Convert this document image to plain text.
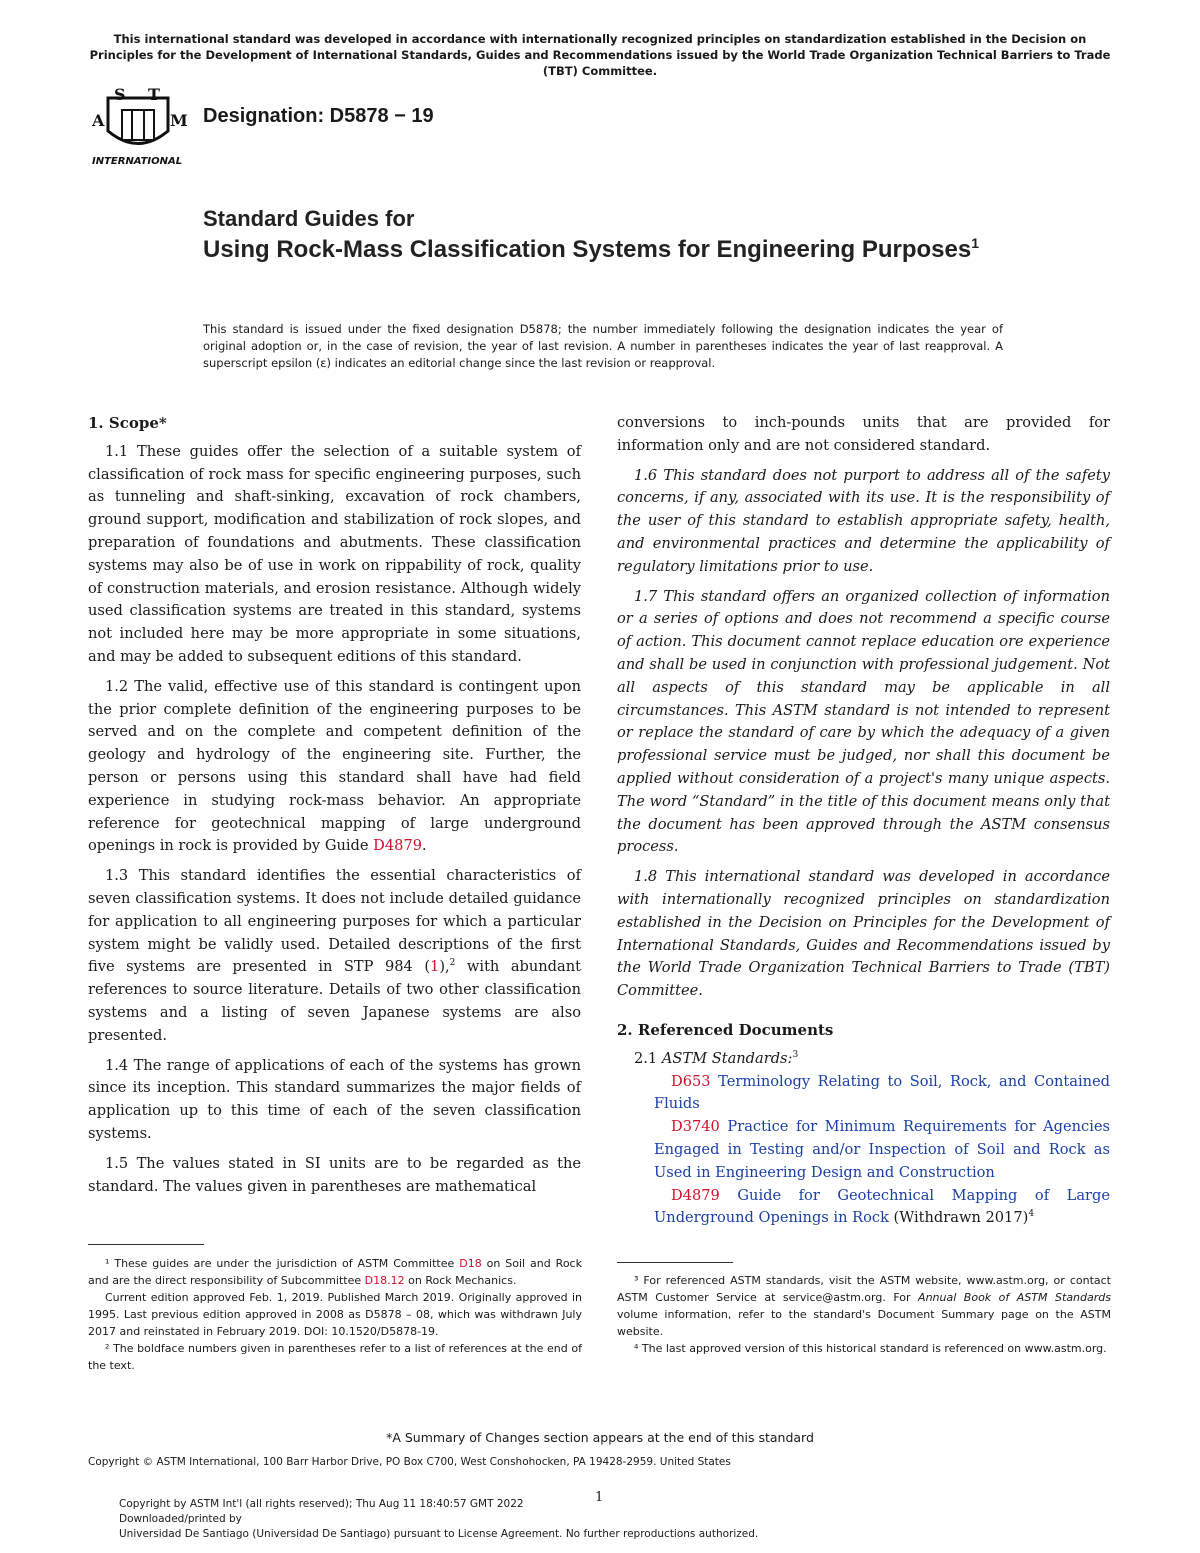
This international standard was developed in accordance with internationally recognized principles on standardization established in the Decision on Principles for the Development of International Standards, Guides and Recommendations issued by the World Trade Organization Technical Barriers to Trade (TBT) Committee.
A
S T
M
INTERNATIONAL
Designation: D5878 − 19
Standard Guides for
Using Rock-Mass Classification Systems for Engineering Purposes$^1$
This standard is issued under the fixed designation D5878; the number immediately following the designation indicates the year of original adoption or, in the case of revision, the year of last revision. A number in parentheses indicates the year of last reapproval. A superscript epsilon (ε) indicates an editorial change since the last revision or reapproval.
1. Scope*

1.1 These guides offer the selection of a suitable system of classification of rock mass for specific engineering purposes, such as tunneling and shaft-sinking, excavation of rock chambers, ground support, modification and stabilization of rock slopes, and preparation of foundations and abutments. These classification systems may also be of use in work on rippability of rock, quality of construction materials, and erosion resistance. Although widely used classification systems are treated in this standard, systems not included here may be more appropriate in some situations, and may be added to subsequent editions of this standard.

1.2 The valid, effective use of this standard is contingent upon the prior complete definition of the engineering purposes to be served and on the complete and competent definition of the geology and hydrology of the engineering site. Further, the person or persons using this standard shall have had field experience in studying rock-mass behavior. An appropriate reference for geotechnical mapping of large underground openings in rock is provided by Guide D4879.

1.3 This standard identifies the essential characteristics of seven classification systems. It does not include detailed guidance for application to all engineering purposes for which a particular system might be validly used. Detailed descriptions of the first five systems are presented in STP 984 (1),$^2$ with abundant references to source literature. Details of two other classification systems and a listing of seven Japanese systems are also presented.

1.4 The range of applications of each of the systems has grown since its inception. This standard summarizes the major fields of application up to this time of each of the seven classification systems.

1.5 The values stated in SI units are to be regarded as the standard. The values given in parentheses are mathematical

conversions to inch-pounds units that are provided for information only and are not considered standard.

1.6 This standard does not purport to address all of the safety concerns, if any, associated with its use. It is the responsibility of the user of this standard to establish appropriate safety, health, and environmental practices and determine the applicability of regulatory limitations prior to use.

1.7 This standard offers an organized collection of information or a series of options and does not recommend a specific course of action. This document cannot replace education ore experience and shall be used in conjunction with professional judgement. Not all aspects of this standard may be applicable in all circumstances. This ASTM standard is not intended to represent or replace the standard of care by which the adequacy of a given professional service must be judged, nor shall this document be applied without consideration of a project's many unique aspects. The word “Standard” in the title of this document means only that the document has been approved through the ASTM consensus process.

1.8 This international standard was developed in accordance with internationally recognized principles on standardization established in the Decision on Principles for the Development of International Standards, Guides and Recommendations issued by the World Trade Organization Technical Barriers to Trade (TBT) Committee.

2. Referenced Documents

2.1 ASTM Standards:$^3$

D653 Terminology Relating to Soil, Rock, and Contained Fluids

D3740 Practice for Minimum Requirements for Agencies Engaged in Testing and/or Inspection of Soil and Rock as Used in Engineering Design and Construction

D4879 Guide for Geotechnical Mapping of Large Underground Openings in Rock (Withdrawn 2017)$^4$

¹ These guides are under the jurisdiction of ASTM Committee D18 on Soil and Rock and are the direct responsibility of Subcommittee D18.12 on Rock Mechanics.

Current edition approved Feb. 1, 2019. Published March 2019. Originally approved in 1995. Last previous edition approved in 2008 as D5878 – 08, which was withdrawn July 2017 and reinstated in February 2019. DOI: 10.1520/D5878-19.

² The boldface numbers given in parentheses refer to a list of references at the end of the text.

³ For referenced ASTM standards, visit the ASTM website, www.astm.org, or contact ASTM Customer Service at service@astm.org. For Annual Book of ASTM Standards volume information, refer to the standard's Document Summary page on the ASTM website.

⁴ The last approved version of this historical standard is referenced on www.astm.org.

*A Summary of Changes section appears at the end of this standard
Copyright © ASTM International, 100 Barr Harbor Drive, PO Box C700, West Conshohocken, PA 19428-2959. United States
1
Copyright by ASTM Int'l (all rights reserved); Thu Aug 11 18:40:57 GMT 2022
Downloaded/printed by
Universidad De Santiago (Universidad De Santiago) pursuant to License Agreement. No further reproductions authorized.
